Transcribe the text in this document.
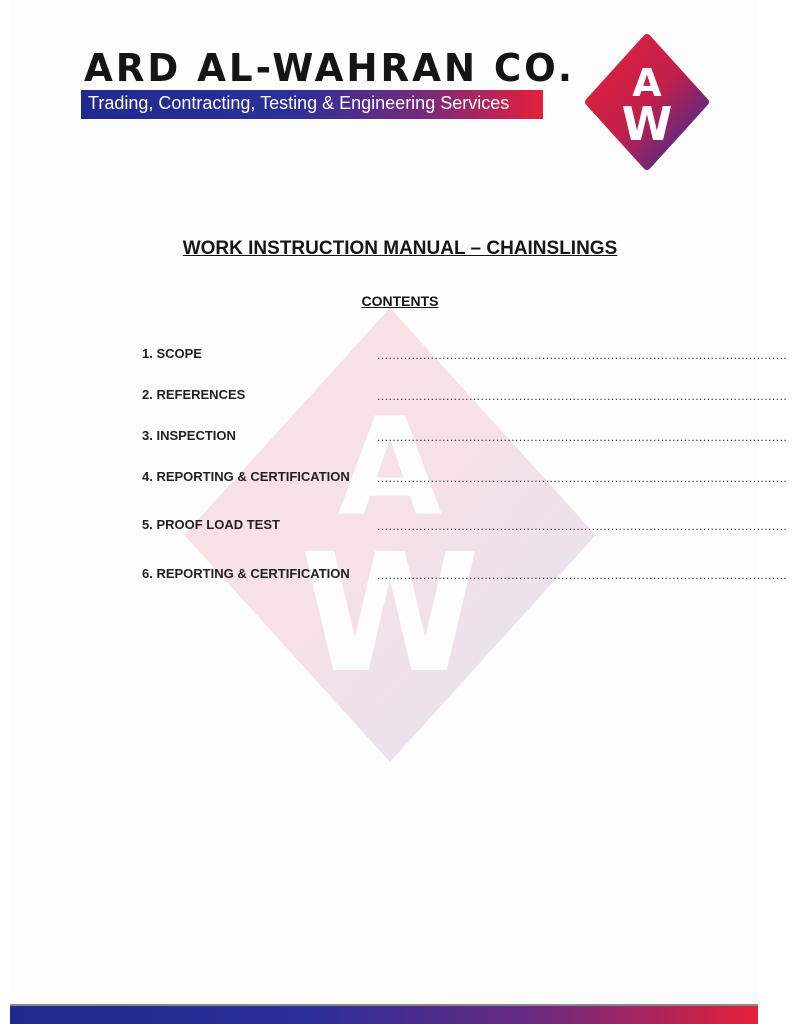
ARD AL-WAHRAN CO.
Trading, Contracting, Testing & Engineering Services	A
W
WORK INSTRUCTION MANUAL – CHAINSLINGS
CONTENTS
1. SCOPE	...........................................................................................................
2. REFERENCES	...........................................................................................................
3. INSPECTION	...........................................................................................................
4. REPORTING & CERTIFICATION ...........................................................................................................
5. PROOF LOAD TEST	...........................................................................................................
6. REPORTING & CERTIFICATION ...........................................................................................................
